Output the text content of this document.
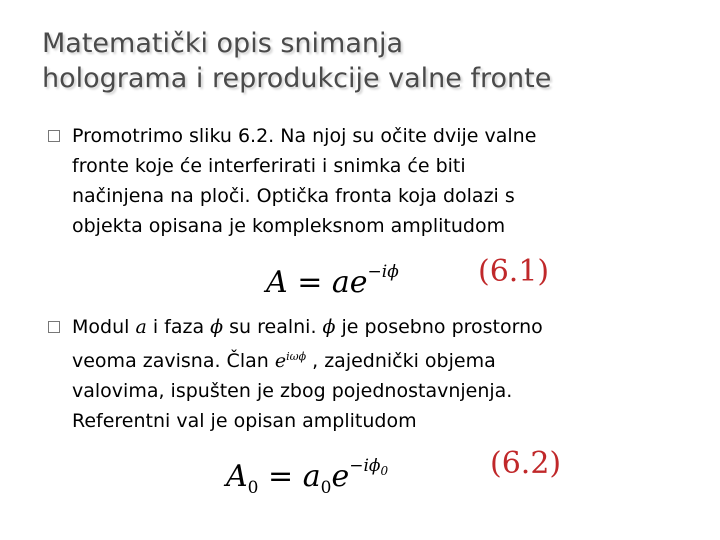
Matematički opis snimanja
holograma i reprodukcije valne fronte
Promotrimo sliku 6.2. Na njoj su očite dvije valne
fronte koje će interferirati i snimka će biti
načinjena na ploči. Optička fronta koja dolazi s
objekta opisana je kompleksnom amplitudom
$A = ae^{-i\phi}$	(6.1)
Modul a i faza ϕ su realni. ϕ je posebno prostorno
veoma zavisna. Član $e^{i\omega\phi}$ , zajednički objema
valovima, ispušten je zbog pojednostavnjenja.
Referentni val je opisan amplitudom
$A_0 = a_0e^{-i\phi_0}$	(6.2)
